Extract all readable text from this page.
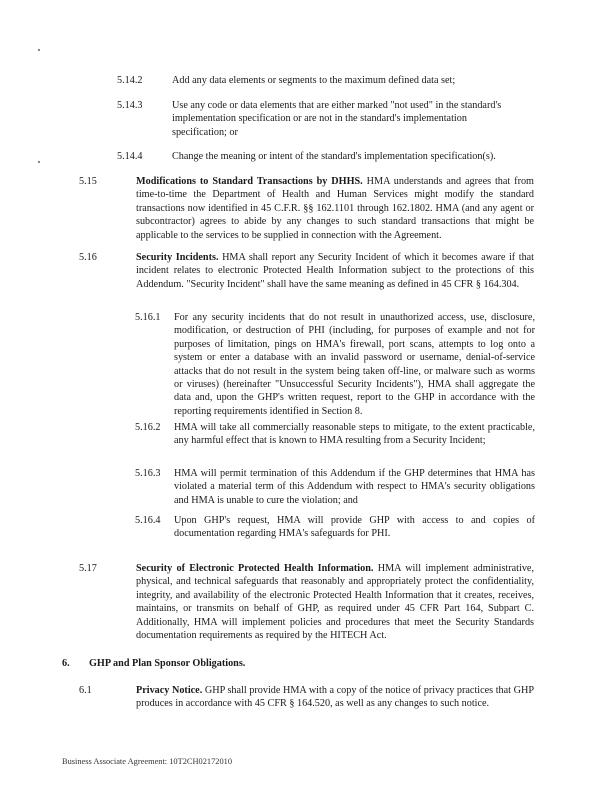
5.14.2	Add any data elements or segments to the maximum defined data set;
5.14.3	Use any code or data elements that are either marked "not used" in the standard's implementation specification or are not in the standard's implementation specification; or
5.14.4	Change the meaning or intent of the standard's implementation specification(s).
5.15	Modifications to Standard Transactions by DHHS. HMA understands and agrees that from time-to-time the Department of Health and Human Services might modify the standard transactions now identified in 45 C.F.R. §§ 162.1101 through 162.1802. HMA (and any agent or subcontractor) agrees to abide by any changes to such standard transactions that might be applicable to the services to be supplied in connection with the Agreement.
5.16	Security Incidents. HMA shall report any Security Incident of which it becomes aware if that incident relates to electronic Protected Health Information subject to the protections of this Addendum. "Security Incident" shall have the same meaning as defined in 45 CFR § 164.304.
5.16.1 For any security incidents that do not result in unauthorized access, use, disclosure, modification, or destruction of PHI (including, for purposes of example and not for purposes of limitation, pings on HMA's firewall, port scans, attempts to log onto a system or enter a database with an invalid password or username, denial-of-service attacks that do not result in the system being taken off-line, or malware such as worms or viruses) (hereinafter "Unsuccessful Security Incidents"), HMA shall aggregate the data and, upon the GHP's written request, report to the GHP in accordance with the reporting requirements identified in Section 8.
5.16.2 HMA will take all commercially reasonable steps to mitigate, to the extent practicable, any harmful effect that is known to HMA resulting from a Security Incident;
5.16.3 HMA will permit termination of this Addendum if the GHP determines that HMA has violated a material term of this Addendum with respect to HMA's security obligations and HMA is unable to cure the violation; and
5.16.4 Upon GHP's request, HMA will provide GHP with access to and copies of documentation regarding HMA's safeguards for PHI.
5.17	Security of Electronic Protected Health Information. HMA will implement administrative, physical, and technical safeguards that reasonably and appropriately protect the confidentiality, integrity, and availability of the electronic Protected Health Information that it creates, receives, maintains, or transmits on behalf of GHP, as required under 45 CFR Part 164, Subpart C. Additionally, HMA will implement policies and procedures that meet the Security Standards documentation requirements as required by the HITECH Act.
6. GHP and Plan Sponsor Obligations.
6.1	Privacy Notice. GHP shall provide HMA with a copy of the notice of privacy practices that GHP produces in accordance with 45 CFR § 164.520, as well as any changes to such notice.
Business Associate Agreement: 10T2CH02172010
